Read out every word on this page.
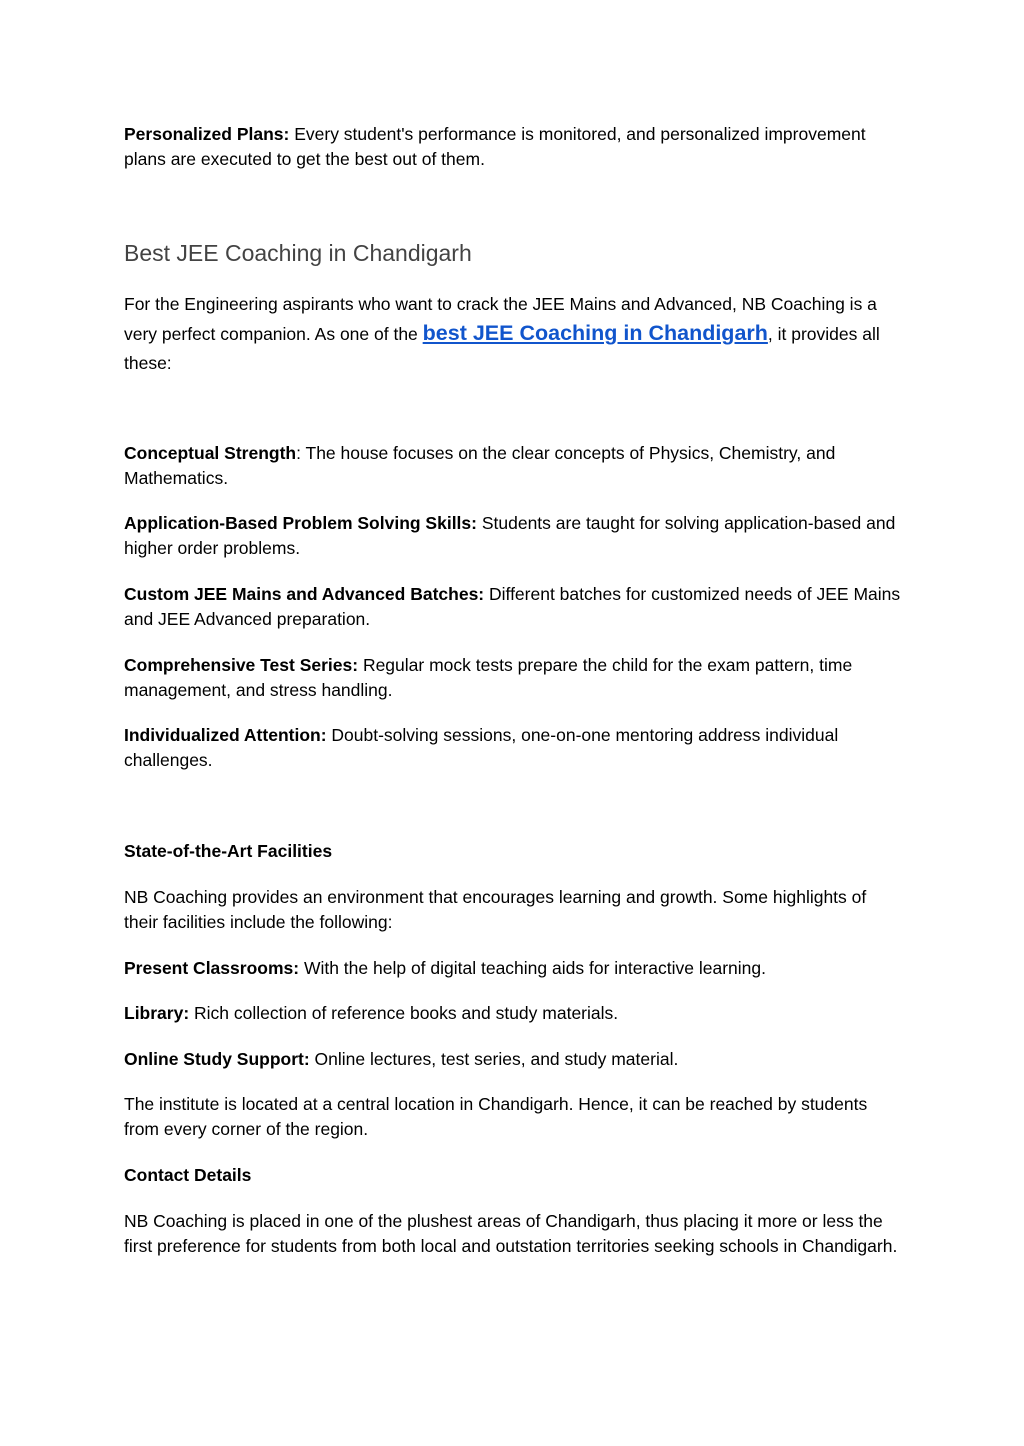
Personalized Plans: Every student's performance is monitored, and personalized improvement plans are executed to get the best out of them.

Best JEE Coaching in Chandigarh

For the Engineering aspirants who want to crack the JEE Mains and Advanced, NB Coaching is a very perfect companion. As one of the best JEE Coaching in Chandigarh, it provides all these:

Conceptual Strength: The house focuses on the clear concepts of Physics, Chemistry, and Mathematics.

Application-Based Problem Solving Skills: Students are taught for solving application-based and higher order problems.

Custom JEE Mains and Advanced Batches: Different batches for customized needs of JEE Mains and JEE Advanced preparation.

Comprehensive Test Series: Regular mock tests prepare the child for the exam pattern, time management, and stress handling.

Individualized Attention: Doubt-solving sessions, one-on-one mentoring address individual challenges.

State-of-the-Art Facilities

NB Coaching provides an environment that encourages learning and growth. Some highlights of their facilities include the following:

Present Classrooms: With the help of digital teaching aids for interactive learning.

Library: Rich collection of reference books and study materials.

Online Study Support: Online lectures, test series, and study material.

The institute is located at a central location in Chandigarh. Hence, it can be reached by students from every corner of the region.

Contact Details

NB Coaching is placed in one of the plushest areas of Chandigarh, thus placing it more or less the first preference for students from both local and outstation territories seeking schools in Chandigarh.
